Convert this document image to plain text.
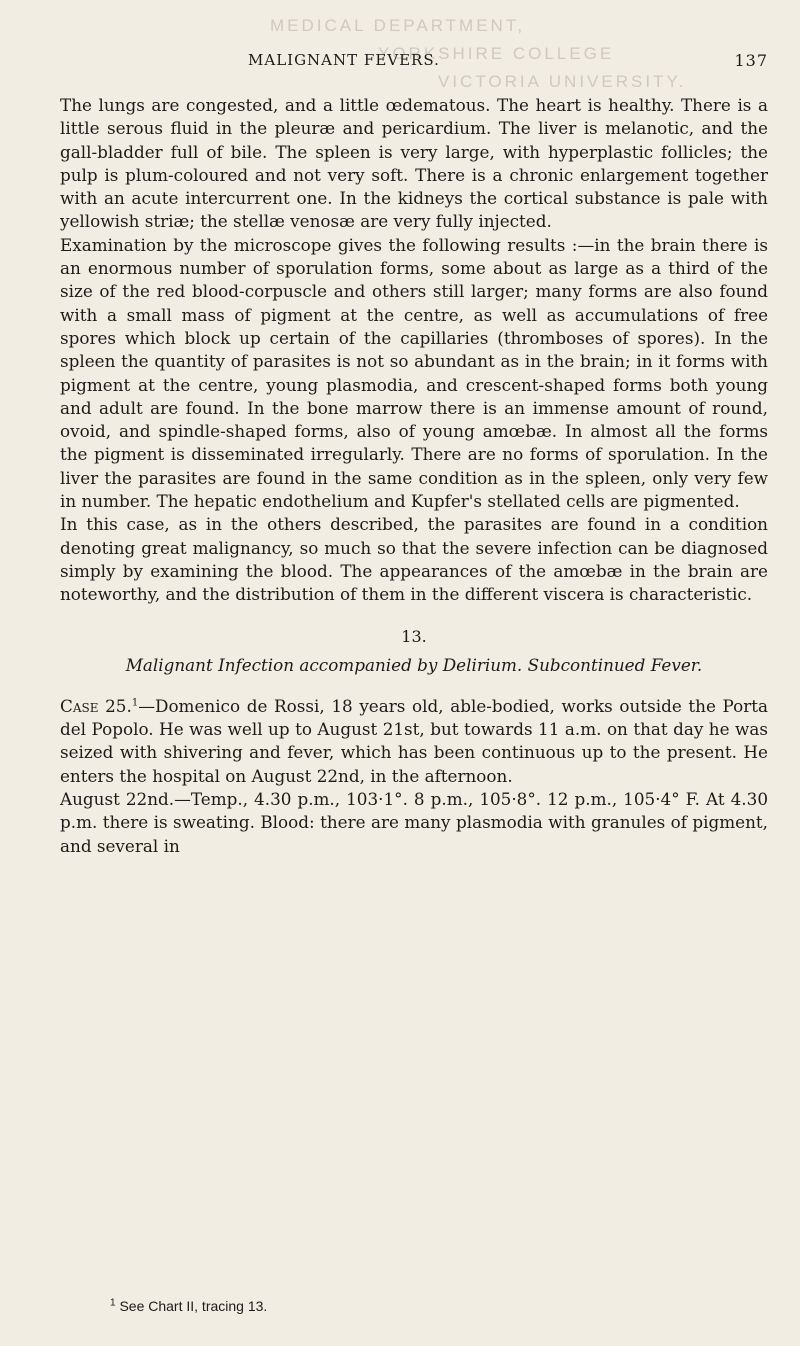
MEDICAL DEPARTMENT,
YORKSHIRE COLLEGE
VICTORIA UNIVERSITY.
MALIGNANT FEVERS.	137

The lungs are congested, and a little œdematous. The heart is healthy. There is a little serous fluid in the pleuræ and pericardium. The liver is melanotic, and the gall-bladder full of bile. The spleen is very large, with hyperplastic follicles; the pulp is plum-coloured and not very soft. There is a chronic enlargement together with an acute intercurrent one. In the kidneys the cortical substance is pale with yellowish striæ; the stellæ venosæ are very fully injected.

Examination by the microscope gives the following results :—in the brain there is an enormous number of sporulation forms, some about as large as a third of the size of the red blood-corpuscle and others still larger; many forms are also found with a small mass of pigment at the centre, as well as accumulations of free spores which block up certain of the capillaries (thromboses of spores). In the spleen the quantity of parasites is not so abundant as in the brain; in it forms with pigment at the centre, young plasmodia, and crescent-shaped forms both young and adult are found. In the bone marrow there is an immense amount of round, ovoid, and spindle-shaped forms, also of young amœbæ. In almost all the forms the pigment is disseminated irregularly. There are no forms of sporulation. In the liver the parasites are found in the same condition as in the spleen, only very few in number. The hepatic endothelium and Kupfer's stellated cells are pigmented.

In this case, as in the others described, the parasites are found in a condition denoting great malignancy, so much so that the severe infection can be diagnosed simply by examining the blood. The appearances of the amœbæ in the brain are noteworthy, and the distribution of them in the different viscera is characteristic.

13.
Malignant Infection accompanied by Delirium. Subcontinued Fever.

Case 25.$^1$—Domenico de Rossi, 18 years old, able-bodied, works outside the Porta del Popolo. He was well up to August 21st, but towards 11 a.m. on that day he was seized with shivering and fever, which has been continuous up to the present. He enters the hospital on August 22nd, in the afternoon.

August 22nd.—Temp., 4.30 p.m., 103·1°. 8 p.m., 105·8°. 12 p.m., 105·4° F. At 4.30 p.m. there is sweating. Blood: there are many plasmodia with granules of pigment, and several in

$^1$ See Chart II, tracing 13.
